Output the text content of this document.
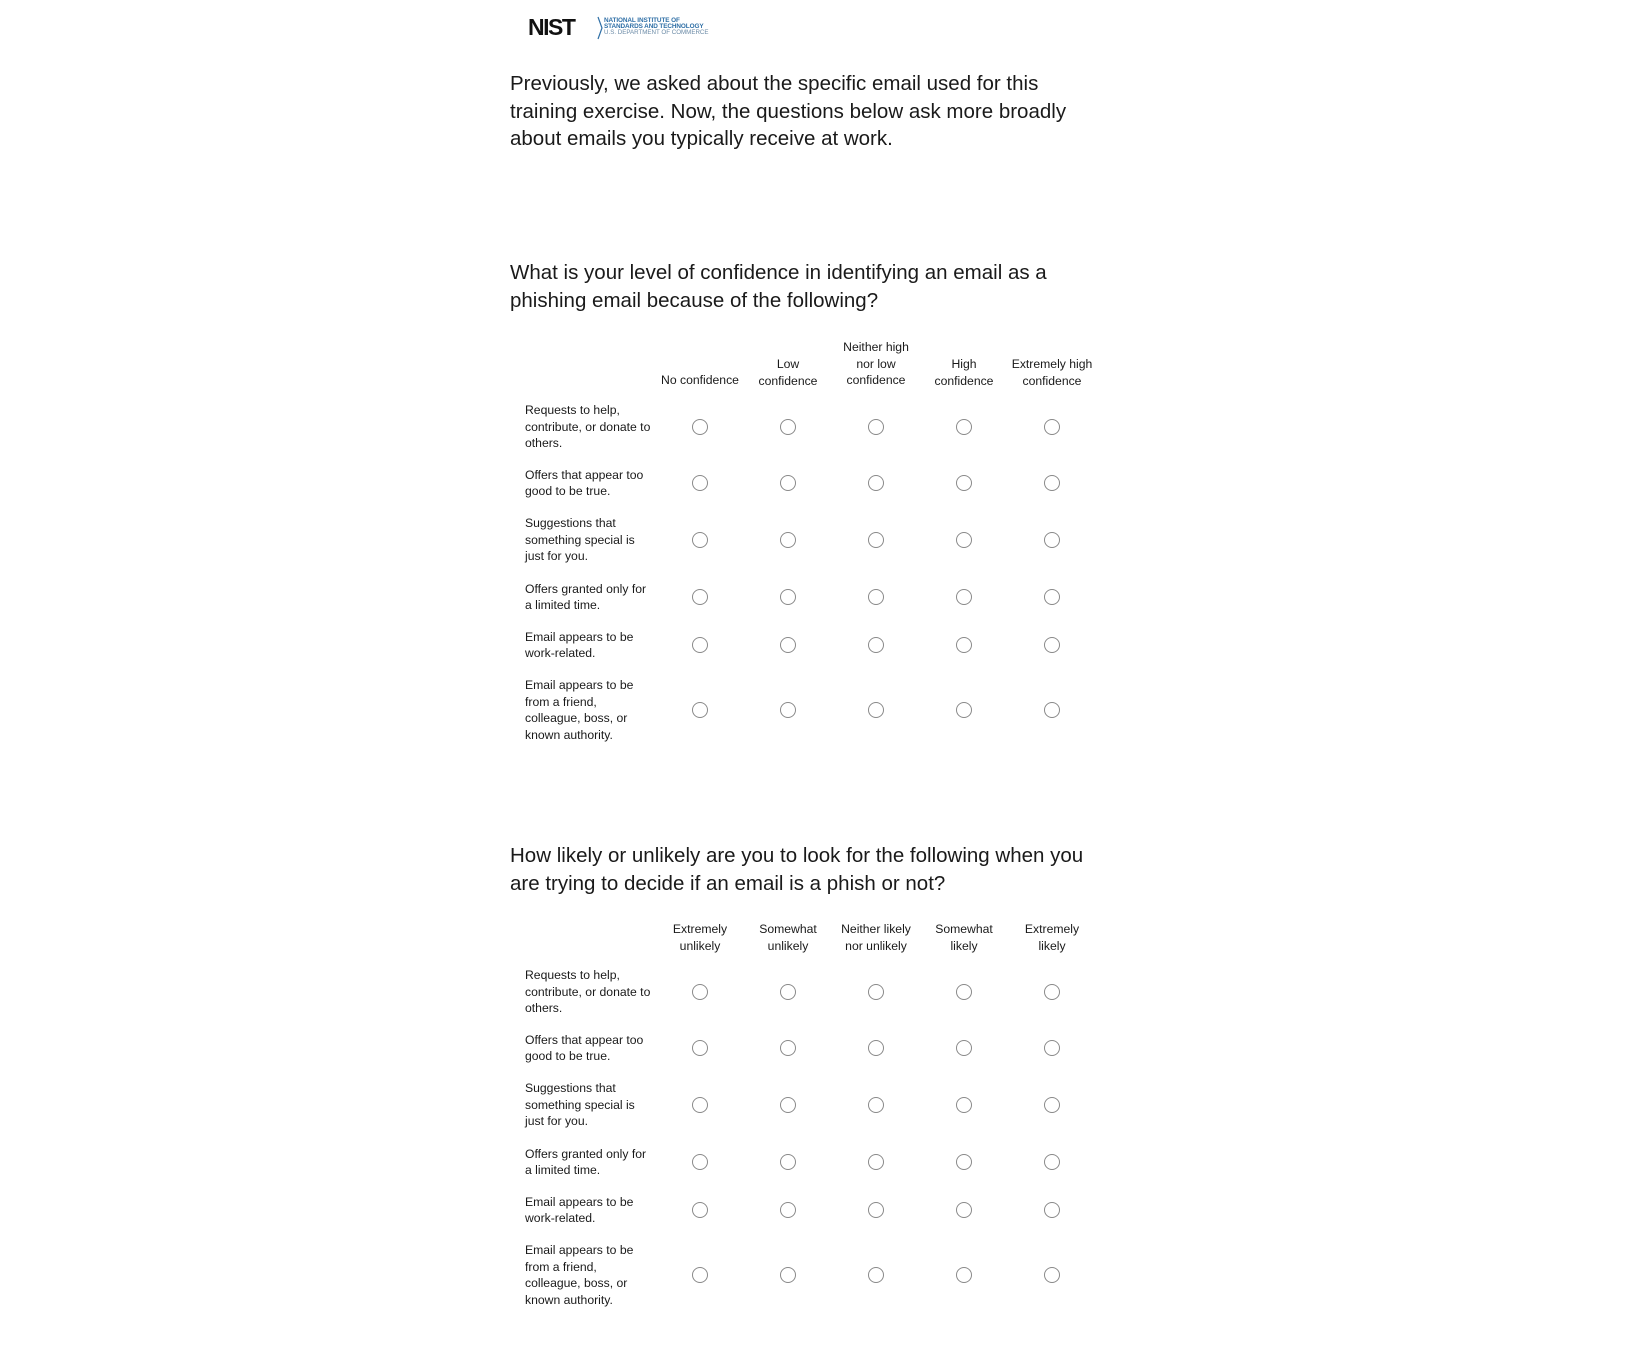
NIST	NATIONAL INSTITUTE OF
STANDARDS AND TECHNOLOGY
U.S. DEPARTMENT OF COMMERCE
Previously, we asked about the specific email used for this training exercise. Now, the questions below ask more broadly about emails you typically receive at work.
What is your level of confidence in identifying an email as a phishing email because of the following?
No confidence
Low confidence
Neither high nor low confidence
High confidence
Extremely high confidence
Requests to help, contribute, or donate to others.
Offers that appear too good to be true.
Suggestions that something special is just for you.
Offers granted only for a limited time.
Email appears to be work-related.
Email appears to be from a friend, colleague, boss, or known authority.
How likely or unlikely are you to look for the following when you are trying to decide if an email is a phish or not?
Extremely unlikely
Somewhat unlikely
Neither likely nor unlikely
Somewhat likely
Extremely likely
Requests to help, contribute, or donate to others.
Offers that appear too good to be true.
Suggestions that something special is just for you.
Offers granted only for a limited time.
Email appears to be work-related.
Email appears to be from a friend, colleague, boss, or known authority.
